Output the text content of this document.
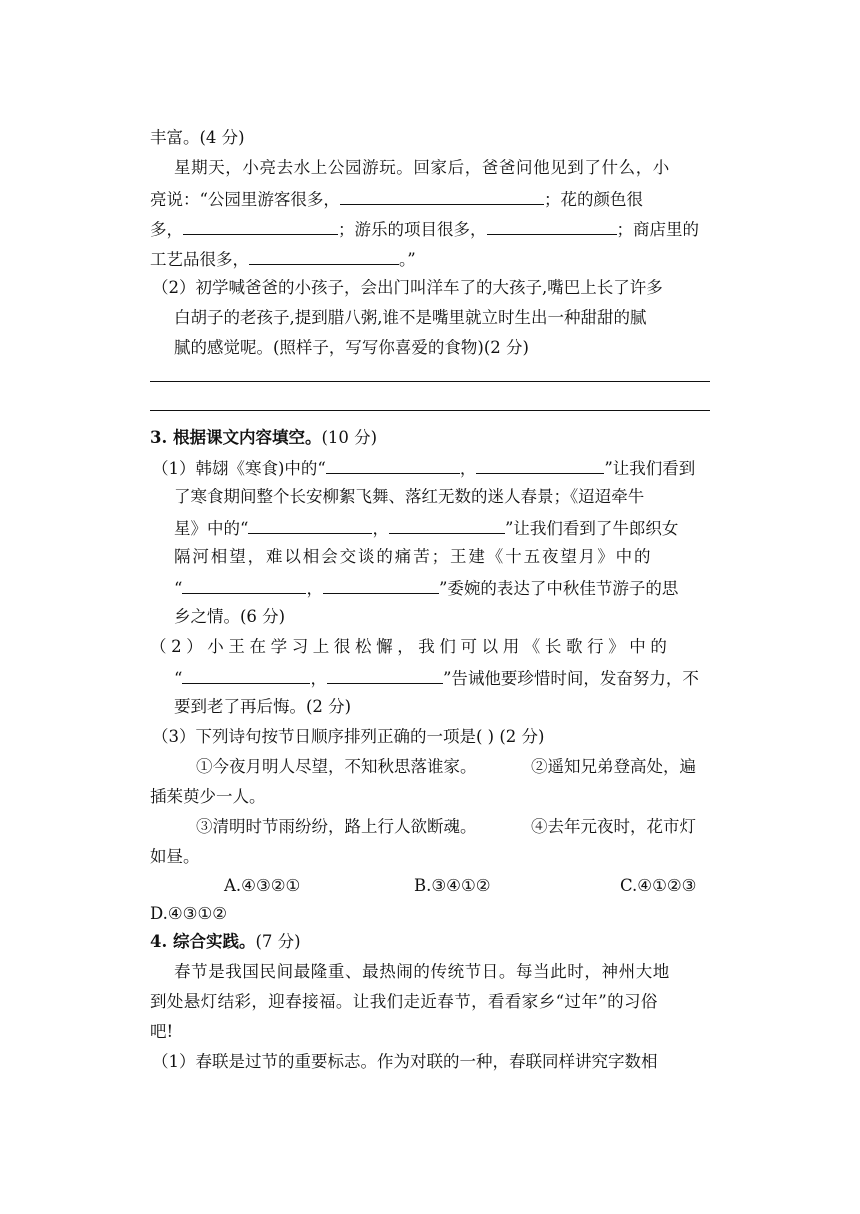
丰富。(4 分)
星期天，小亮去水上公园游玩。回家后，爸爸问他见到了什么，小
亮说：“公园里游客很多，	；花的颜色很
多，	；游乐的项目很多，	；商店里的
工艺品很多，	。”
（2）初学喊爸爸的小孩子，会出门叫洋车了的大孩子,嘴巴上长了许多
白胡子的老孩子,提到腊八粥,谁不是嘴里就立时生出一种甜甜的腻
腻的感觉呢。(照样子，写写你喜爱的食物)(2 分)
3. 根据课文内容填空。(10 分)
（1）韩翃《寒食)中的“	，	”让我们看到
了寒食期间整个长安柳絮飞舞、落红无数的迷人春景；《迢迢牵牛
星》中的“	，	”让我们看到了牛郎织女
隔河相望，难以相会交谈的痛苦；王建《十五夜望月》中的
“	，	”委婉的表达了中秋佳节游子的思
乡之情。(6 分)
（2）小王在学习上很松懈，我们可以用《长歌行》中的
“	，	”告诫他要珍惜时间，发奋努力，不
要到老了再后悔。(2 分)
（3）下列诗句按节日顺序排列正确的一项是( ) (2 分)
①今夜月明人尽望，不知秋思落谁家。	②遥知兄弟登高处，遍
插茱萸少一人。
③清明时节雨纷纷，路上行人欲断魂。	④去年元夜时，花市灯
如昼。
A.④③②①	B.③④①②	C.④①②③
D.④③①②
4. 综合实践。(7 分)
春节是我国民间最隆重、最热闹的传统节日。每当此时，神州大地
到处悬灯结彩，迎春接福。让我们走近春节，看看家乡“过年”的习俗
吧!
（1）春联是过节的重要标志。作为对联的一种，春联同样讲究字数相
